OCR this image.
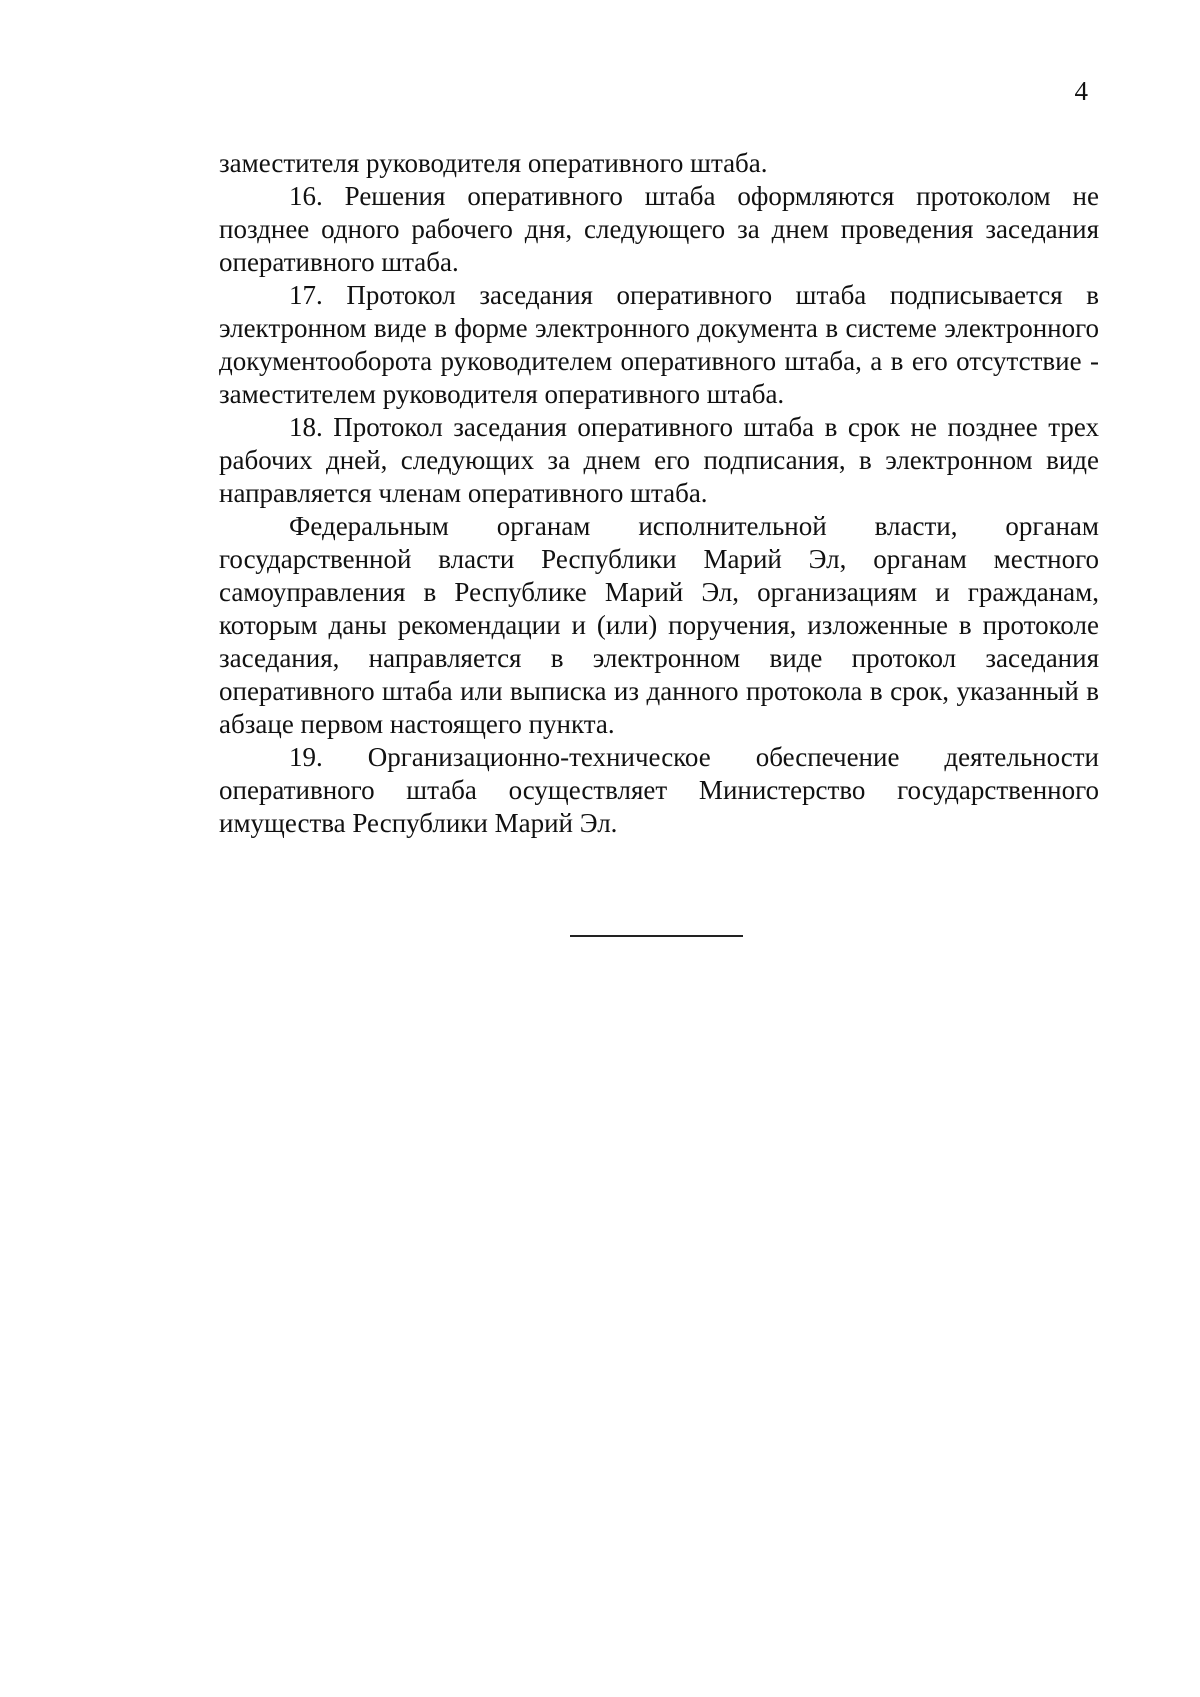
4

заместителя руководителя оперативного штаба.

16. Решения оперативного штаба оформляются протоколом не позднее одного рабочего дня, следующего за днем проведения заседания оперативного штаба.

17. Протокол заседания оперативного штаба подписывается в электронном виде в форме электронного документа в системе электронного документооборота руководителем оперативного штаба, а в его отсутствие - заместителем руководителя оперативного штаба.

18. Протокол заседания оперативного штаба в срок не позднее трех рабочих дней, следующих за днем его подписания, в электронном виде направляется членам оперативного штаба.

Федеральным органам исполнительной власти, органам государственной власти Республики Марий Эл, органам местного самоуправления в Республике Марий Эл, организациям и гражданам, которым даны рекомендации и (или) поручения, изложенные в протоколе заседания, направляется в электронном виде протокол заседания оперативного штаба или выписка из данного протокола в срок, указанный в абзаце первом настоящего пункта.

19. Организационно-техническое обеспечение деятельности оперативного штаба осуществляет Министерство государственного имущества Республики Марий Эл.
